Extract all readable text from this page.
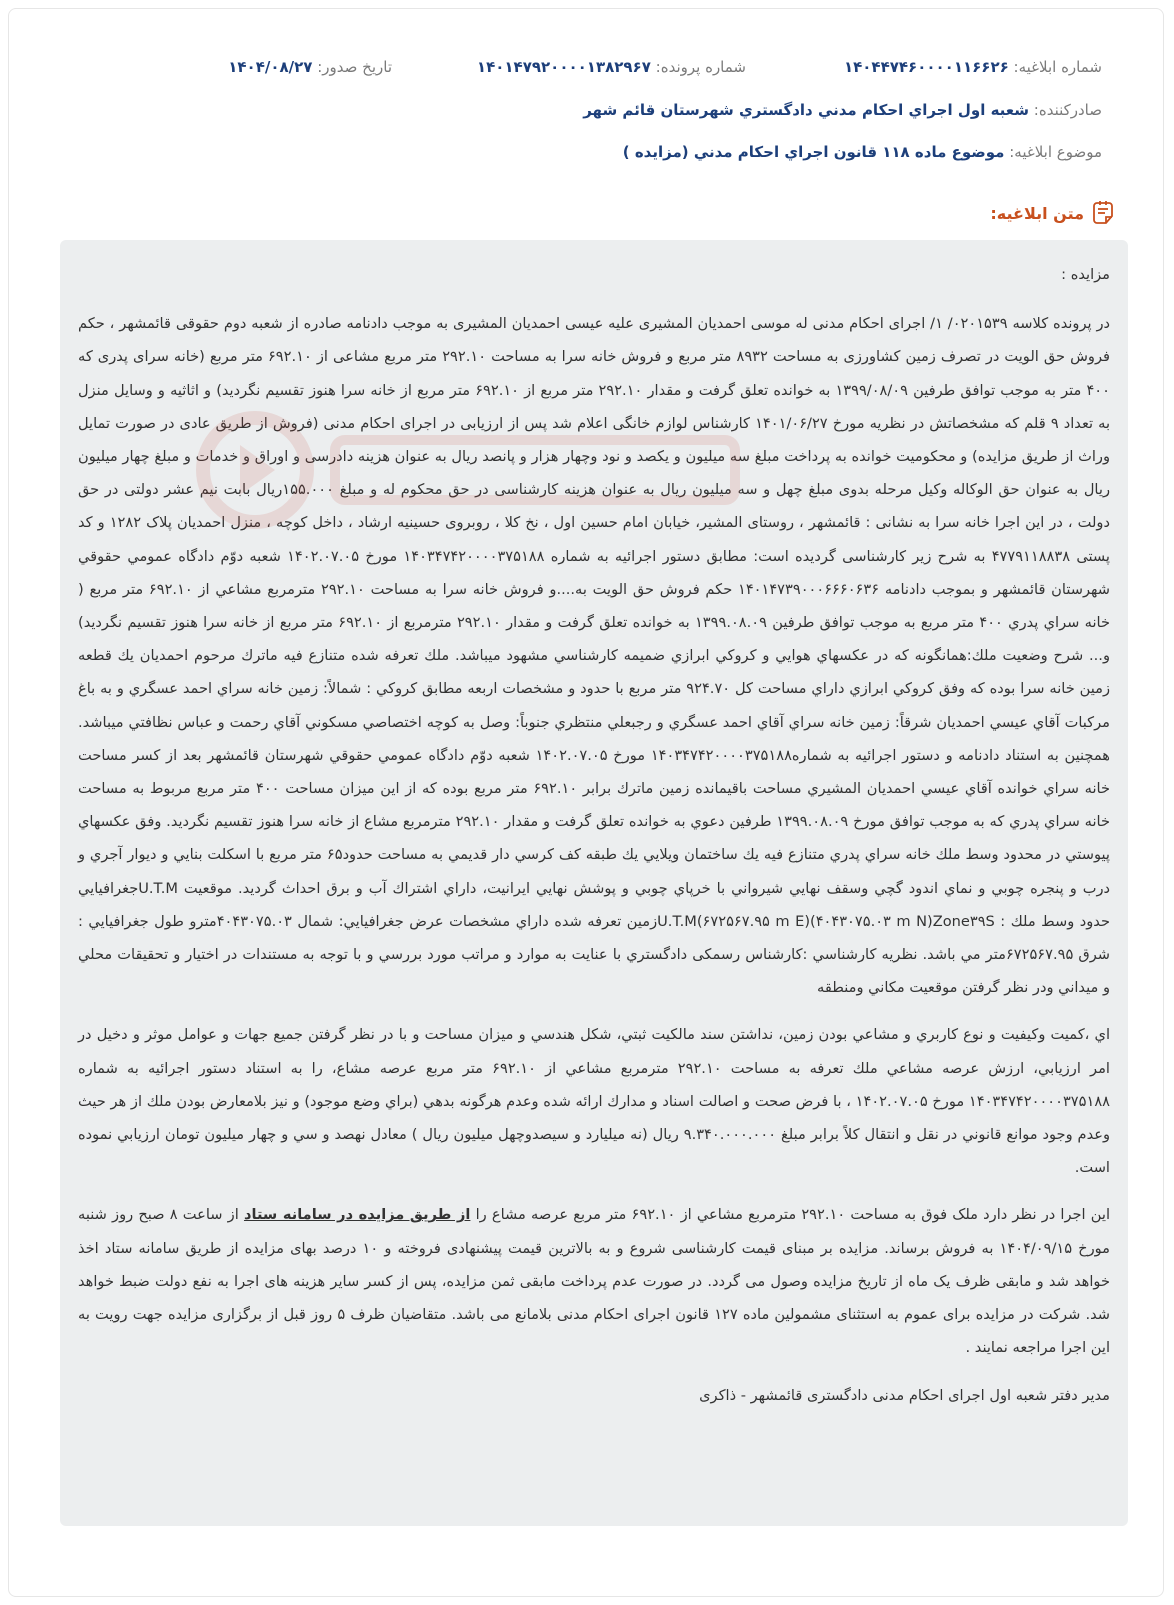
شماره ابلاغیه: ۱۴۰۴۴۷۴۶۰۰۰۰۱۱۶۶۲۶
شماره پرونده: ۱۴۰۱۴۷۹۲۰۰۰۰۱۳۸۲۹۶۷
تاریخ صدور: ۱۴۰۴/۰۸/۲۷
صادرکننده: شعبه اول اجراي احكام مدني دادگستري شهرستان قائم شهر
موضوع ابلاغیه: موضوع ماده ۱۱۸ قانون اجراي احكام مدني (مزايده )
متن ابلاغیه:

مزایده :

در پرونده کلاسه ۰۲۰۱۵۳۹/ ۱/ اجرای احکام مدنی له موسی احمدیان المشیری علیه عیسی احمدیان المشیری به موجب دادنامه صادره از شعبه دوم حقوقی قائمشهر ، حکم فروش حق الویت در تصرف زمین کشاورزی به مساحت ۸۹۳۲ متر مربع و فروش خانه سرا به مساحت ۲۹۲.۱۰ متر مربع مشاعی از ۶۹۲.۱۰ متر مربع (خانه سرای پدری که ۴۰۰ متر به موجب توافق طرفین ۱۳۹۹/۰۸/۰۹ به خوانده تعلق گرفت و مقدار ۲۹۲.۱۰ متر مربع از ۶۹۲.۱۰ متر مربع از خانه سرا هنوز تقسیم نگردید) و اثاثیه و وسایل منزل به تعداد ۹ قلم که مشخصاتش در نظریه مورخ ۱۴۰۱/۰۶/۲۷ کارشناس لوازم خانگی اعلام شد پس از ارزیابی در اجرای احکام مدنی (فروش از طریق عادی در صورت تمایل وراث از طریق مزایده) و محکومیت خوانده به پرداخت مبلغ سه میلیون و یکصد و نود وچهار هزار و پانصد ریال به عنوان هزینه دادرسی و اوراق و خدمات و مبلغ چهار میلیون ریال به عنوان حق الوکاله وکیل مرحله بدوی مبلغ چهل و سه میلیون ریال به عنوان هزینه کارشناسی در حق محکوم له و مبلغ ۱۵۵.۰۰۰ریال بابت نیم عشر دولتی در حق دولت ، در این اجرا خانه سرا به نشانی : قائمشهر ، روستای المشیر، خیابان امام حسین اول ، نخ کلا ، روبروی حسینیه ارشاد ، داخل کوچه ، منزل احمدیان پلاک ۱۲۸۲ و کد پستی ۴۷۷۹۱۱۸۸۳۸ به شرح زیر کارشناسی گردیده است: مطابق دستور اجرائیه به شماره ۱۴۰۳۴۷۴۲۰۰۰۰۳۷۵۱۸۸ مورخ ۱۴۰۲.۰۷.۰۵ شعبه دوّم دادگاه عمومي حقوقي شهرستان قائمشهر و بموجب دادنامه ۱۴۰۱۴۷۳۹۰۰۰۶۶۶۰۶۳۶ حكم فروش حق الويت به....و فروش خانه سرا به مساحت ۲۹۲.۱۰ مترمربع مشاعي از ۶۹۲.۱۰ متر مربع ( خانه سراي پدري ۴۰۰ متر مربع به موجب توافق طرفين ۱۳۹۹.۰۸.۰۹ به خوانده تعلق گرفت و مقدار ۲۹۲.۱۰ مترمربع از ۶۹۲.۱۰ متر مربع از خانه سرا هنوز تقسيم نگرديد) و... شرح وضعيت ملك:همانگونه كه در عكسهاي هوايي و كروكي ابرازي ضميمه كارشناسي مشهود ميباشد. ملك تعرفه شده متنازع فيه ماترك مرحوم احمديان يك قطعه زمين خانه سرا بوده كه وفق كروكي ابرازي داراي مساحت كل ۹۲۴.۷۰ متر مربع با حدود و مشخصات اربعه مطابق كروكي : شمالاً: زمين خانه سراي احمد عسگري و به باغ مركبات آقاي عيسي احمديان شرقاً: زمين خانه سراي آقاي احمد عسگري و رجبعلي منتظري جنوباً: وصل به كوچه اختصاصي مسكوني آقاي رحمت و عباس نظافتي ميباشد. همچنين به استناد دادنامه و دستور اجرائيه به شماره۱۴۰۳۴۷۴۲۰۰۰۰۳۷۵۱۸۸ مورخ ۱۴۰۲.۰۷.۰۵ شعبه دوّم دادگاه عمومي حقوقي شهرستان قائمشهر بعد از كسر مساحت خانه سراي خوانده آقاي عيسي احمديان المشيري مساحت باقيمانده زمين ماترك برابر ۶۹۲.۱۰ متر مربع بوده كه از اين ميزان مساحت ۴۰۰ متر مربع مربوط به مساحت خانه سراي پدري كه به موجب توافق مورخ ۱۳۹۹.۰۸.۰۹ طرفين دعوي به خوانده تعلق گرفت و مقدار ۲۹۲.۱۰ مترمربع مشاع از خانه سرا هنوز تقسيم نگرديد. وفق عكسهاي پيوستي در محدود وسط ملك خانه سراي پدري متنازع فيه يك ساختمان ويلايي يك طبقه كف كرسي دار قديمي به مساحت حدود۶۵ متر مربع با اسكلت بنايي و ديوار آجري و درب و پنجره چوبي و نماي اندود گچي وسقف نهايي شيرواني با خرپاي چوبي و پوشش نهايي ايرانيت، داراي اشتراك آب و برق احداث گرديد. موقعيت U.T.Mجغرافيايي حدود وسط ملك : U.T.M(۶۷۲۵۶۷.۹۵ m E)(۴۰۴۳۰۷۵.۰۳ m N)Zone۳۹Sزمين تعرفه شده داراي مشخصات عرض جغرافيايي: شمال ۴۰۴۳۰۷۵.۰۳مترو طول جغرافيايي : شرق ۶۷۲۵۶۷.۹۵متر مي باشد. نظريه كارشناسي :كارشناس رسمكى دادگستري با عنايت به موارد و مراتب مورد بررسي و با توجه به مستندات در اختيار و تحقيقات محلي و ميداني ودر نظر گرفتن موقعيت مكاني ومنطقه

اي ،كميت وكيفيت و نوع كاربري و مشاعي بودن زمين، نداشتن سند مالكيت ثبتي، شكل هندسي و ميزان مساحت و با در نظر گرفتن جميع جهات و عوامل موثر و دخيل در امر ارزيابي، ارزش عرصه مشاعي ملك تعرفه به مساحت ۲۹۲.۱۰ مترمربع مشاعي از ۶۹۲.۱۰ متر مربع عرصه مشاع، را به استناد دستور اجرائيه به شماره ۱۴۰۳۴۷۴۲۰۰۰۰۳۷۵۱۸۸ مورخ ۱۴۰۲.۰۷.۰۵ ، با فرض صحت و اصالت اسناد و مدارك ارائه شده وعدم هرگونه بدهي (براي وضع موجود) و نيز بلامعارض بودن ملك از هر حيث وعدم وجود موانع قانوني در نقل و انتقال كلاً برابر مبلغ ۹.۳۴۰.۰۰۰.۰۰۰ ريال (نه ميليارد و سيصدوچهل ميليون ريال ) معادل نهصد و سي و چهار ميليون تومان ارزيابي نموده است.

این اجرا در نظر دارد ملک فوق به مساحت ۲۹۲.۱۰ مترمربع مشاعي از ۶۹۲.۱۰ متر مربع عرصه مشاع را از طریق مزایده در سامانه ستاد از ساعت ۸ صبح روز شنبه مورخ ۱۴۰۴/۰۹/۱۵ به فروش برساند. مزایده بر مبنای قیمت کارشناسی شروع و به بالاترین قیمت پیشنهادی فروخته و ۱۰ درصد بهای مزایده از طریق سامانه ستاد اخذ خواهد شد و مابقی ظرف یک ماه از تاریخ مزایده وصول می گردد. در صورت عدم پرداخت مابقی ثمن مزایده، پس از کسر سایر هزینه های اجرا به نفع دولت ضبط خواهد شد. شرکت در مزایده برای عموم به استثنای مشمولین ماده ۱۲۷ قانون اجرای احکام مدنی بلامانع می باشد. متقاضیان ظرف ۵ روز قبل از برگزاری مزایده جهت رویت به این اجرا مراجعه نمایند .

مدیر دفتر شعبه اول اجرای احکام مدنی دادگستری قائمشهر - ذاکری
